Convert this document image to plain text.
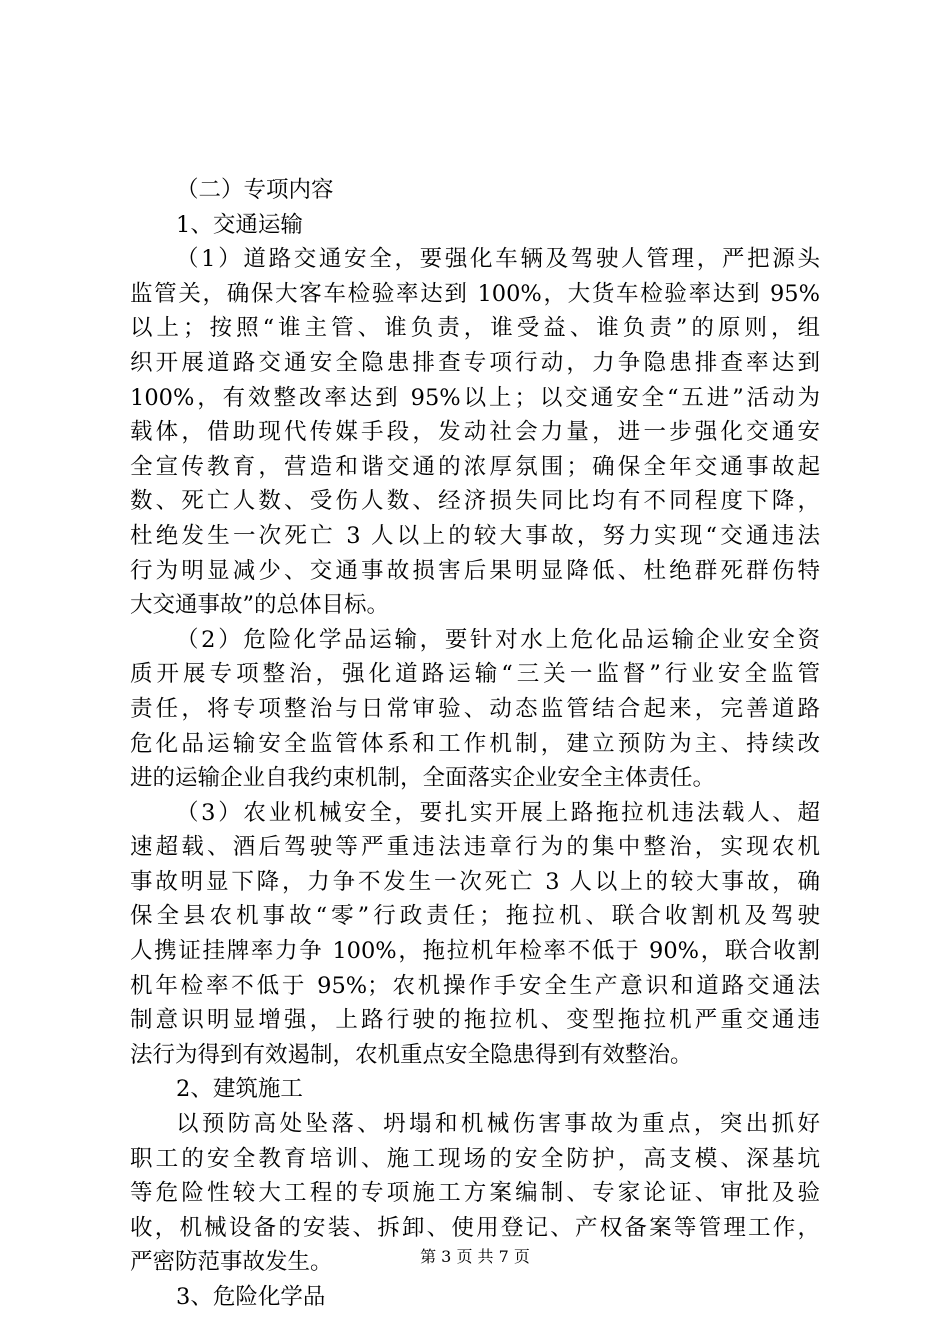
（二）专项内容
1、交通运输
（1）道路交通安全，要强化车辆及驾驶人管理，严把源头
监管关，确保大客车检验率达到 100%，大货车检验率达到 95%
以上；按照“谁主管、谁负责，谁受益、谁负责”的原则，组
织开展道路交通安全隐患排查专项行动，力争隐患排查率达到
100%，有效整改率达到 95%以上；以交通安全“五进”活动为
载体，借助现代传媒手段，发动社会力量，进一步强化交通安
全宣传教育，营造和谐交通的浓厚氛围；确保全年交通事故起
数、死亡人数、受伤人数、经济损失同比均有不同程度下降，
杜绝发生一次死亡 3 人以上的较大事故，努力实现“交通违法
行为明显减少、交通事故损害后果明显降低、杜绝群死群伤特
大交通事故”的总体目标。
（2）危险化学品运输，要针对水上危化品运输企业安全资
质开展专项整治，强化道路运输“三关一监督”行业安全监管
责任，将专项整治与日常审验、动态监管结合起来，完善道路
危化品运输安全监管体系和工作机制，建立预防为主、持续改
进的运输企业自我约束机制，全面落实企业安全主体责任。
（3）农业机械安全，要扎实开展上路拖拉机违法载人、超
速超载、酒后驾驶等严重违法违章行为的集中整治，实现农机
事故明显下降，力争不发生一次死亡 3 人以上的较大事故，确
保全县农机事故“零”行政责任；拖拉机、联合收割机及驾驶
人携证挂牌率力争 100%，拖拉机年检率不低于 90%，联合收割
机年检率不低于 95%；农机操作手安全生产意识和道路交通法
制意识明显增强，上路行驶的拖拉机、变型拖拉机严重交通违
法行为得到有效遏制，农机重点安全隐患得到有效整治。
2、建筑施工
以预防高处坠落、坍塌和机械伤害事故为重点，突出抓好
职工的安全教育培训、施工现场的安全防护，高支模、深基坑
等危险性较大工程的专项施工方案编制、专家论证、审批及验
收，机械设备的安装、拆卸、使用登记、产权备案等管理工作，
严密防范事故发生。
3、危险化学品
第 3 页 共 7 页
